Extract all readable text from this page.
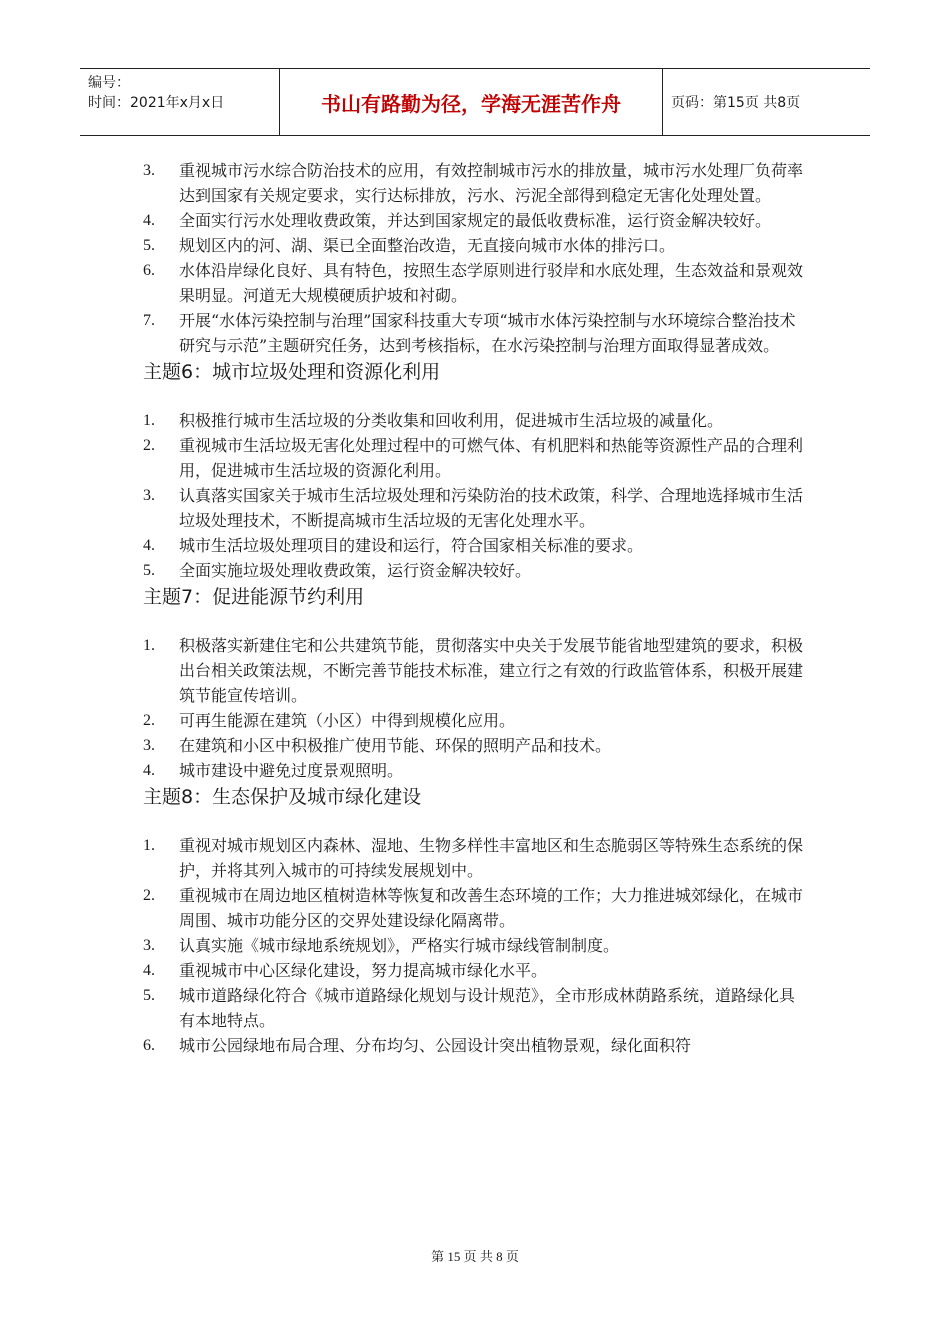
编号：
时间：2021年x月x日	书山有路勤为径，学海无涯苦作舟	页码：第15页 共8页
3. 重视城市污水综合防治技术的应用，有效控制城市污水的排放量，城市污水处理厂负荷率达到国家有关规定要求，实行达标排放，污水、污泥全部得到稳定无害化处理处置。
4. 全面实行污水处理收费政策，并达到国家规定的最低收费标准，运行资金解决较好。
5. 规划区内的河、湖、渠已全面整治改造，无直接向城市水体的排污口。
6. 水体沿岸绿化良好、具有特色，按照生态学原则进行驳岸和水底处理，生态效益和景观效果明显。河道无大规模硬质护坡和衬砌。
7. 开展“水体污染控制与治理”国家科技重大专项“城市水体污染控制与水环境综合整治技术研究与示范”主题研究任务，达到考核指标，在水污染控制与治理方面取得显著成效。
主题6：城市垃圾处理和资源化利用
1. 积极推行城市生活垃圾的分类收集和回收利用，促进城市生活垃圾的减量化。
2. 重视城市生活垃圾无害化处理过程中的可燃气体、有机肥料和热能等资源性产品的合理利用，促进城市生活垃圾的资源化利用。
3. 认真落实国家关于城市生活垃圾处理和污染防治的技术政策，科学、合理地选择城市生活垃圾处理技术，不断提高城市生活垃圾的无害化处理水平。
4. 城市生活垃圾处理项目的建设和运行，符合国家相关标准的要求。
5. 全面实施垃圾处理收费政策，运行资金解决较好。
主题7：促进能源节约利用
1. 积极落实新建住宅和公共建筑节能，贯彻落实中央关于发展节能省地型建筑的要求，积极出台相关政策法规，不断完善节能技术标准，建立行之有效的行政监管体系，积极开展建筑节能宣传培训。
2. 可再生能源在建筑（小区）中得到规模化应用。
3. 在建筑和小区中积极推广使用节能、环保的照明产品和技术。
4. 城市建设中避免过度景观照明。
主题8：生态保护及城市绿化建设
1. 重视对城市规划区内森林、湿地、生物多样性丰富地区和生态脆弱区等特殊生态系统的保护，并将其列入城市的可持续发展规划中。
2. 重视城市在周边地区植树造林等恢复和改善生态环境的工作；大力推进城郊绿化，在城市周围、城市功能分区的交界处建设绿化隔离带。
3. 认真实施《城市绿地系统规划》，严格实行城市绿线管制制度。
4. 重视城市中心区绿化建设，努力提高城市绿化水平。
5. 城市道路绿化符合《城市道路绿化规划与设计规范》，全市形成林荫路系统，道路绿化具有本地特点。
6. 城市公园绿地布局合理、分布均匀、公园设计突出植物景观，绿化面积符
第 15 页 共 8 页
